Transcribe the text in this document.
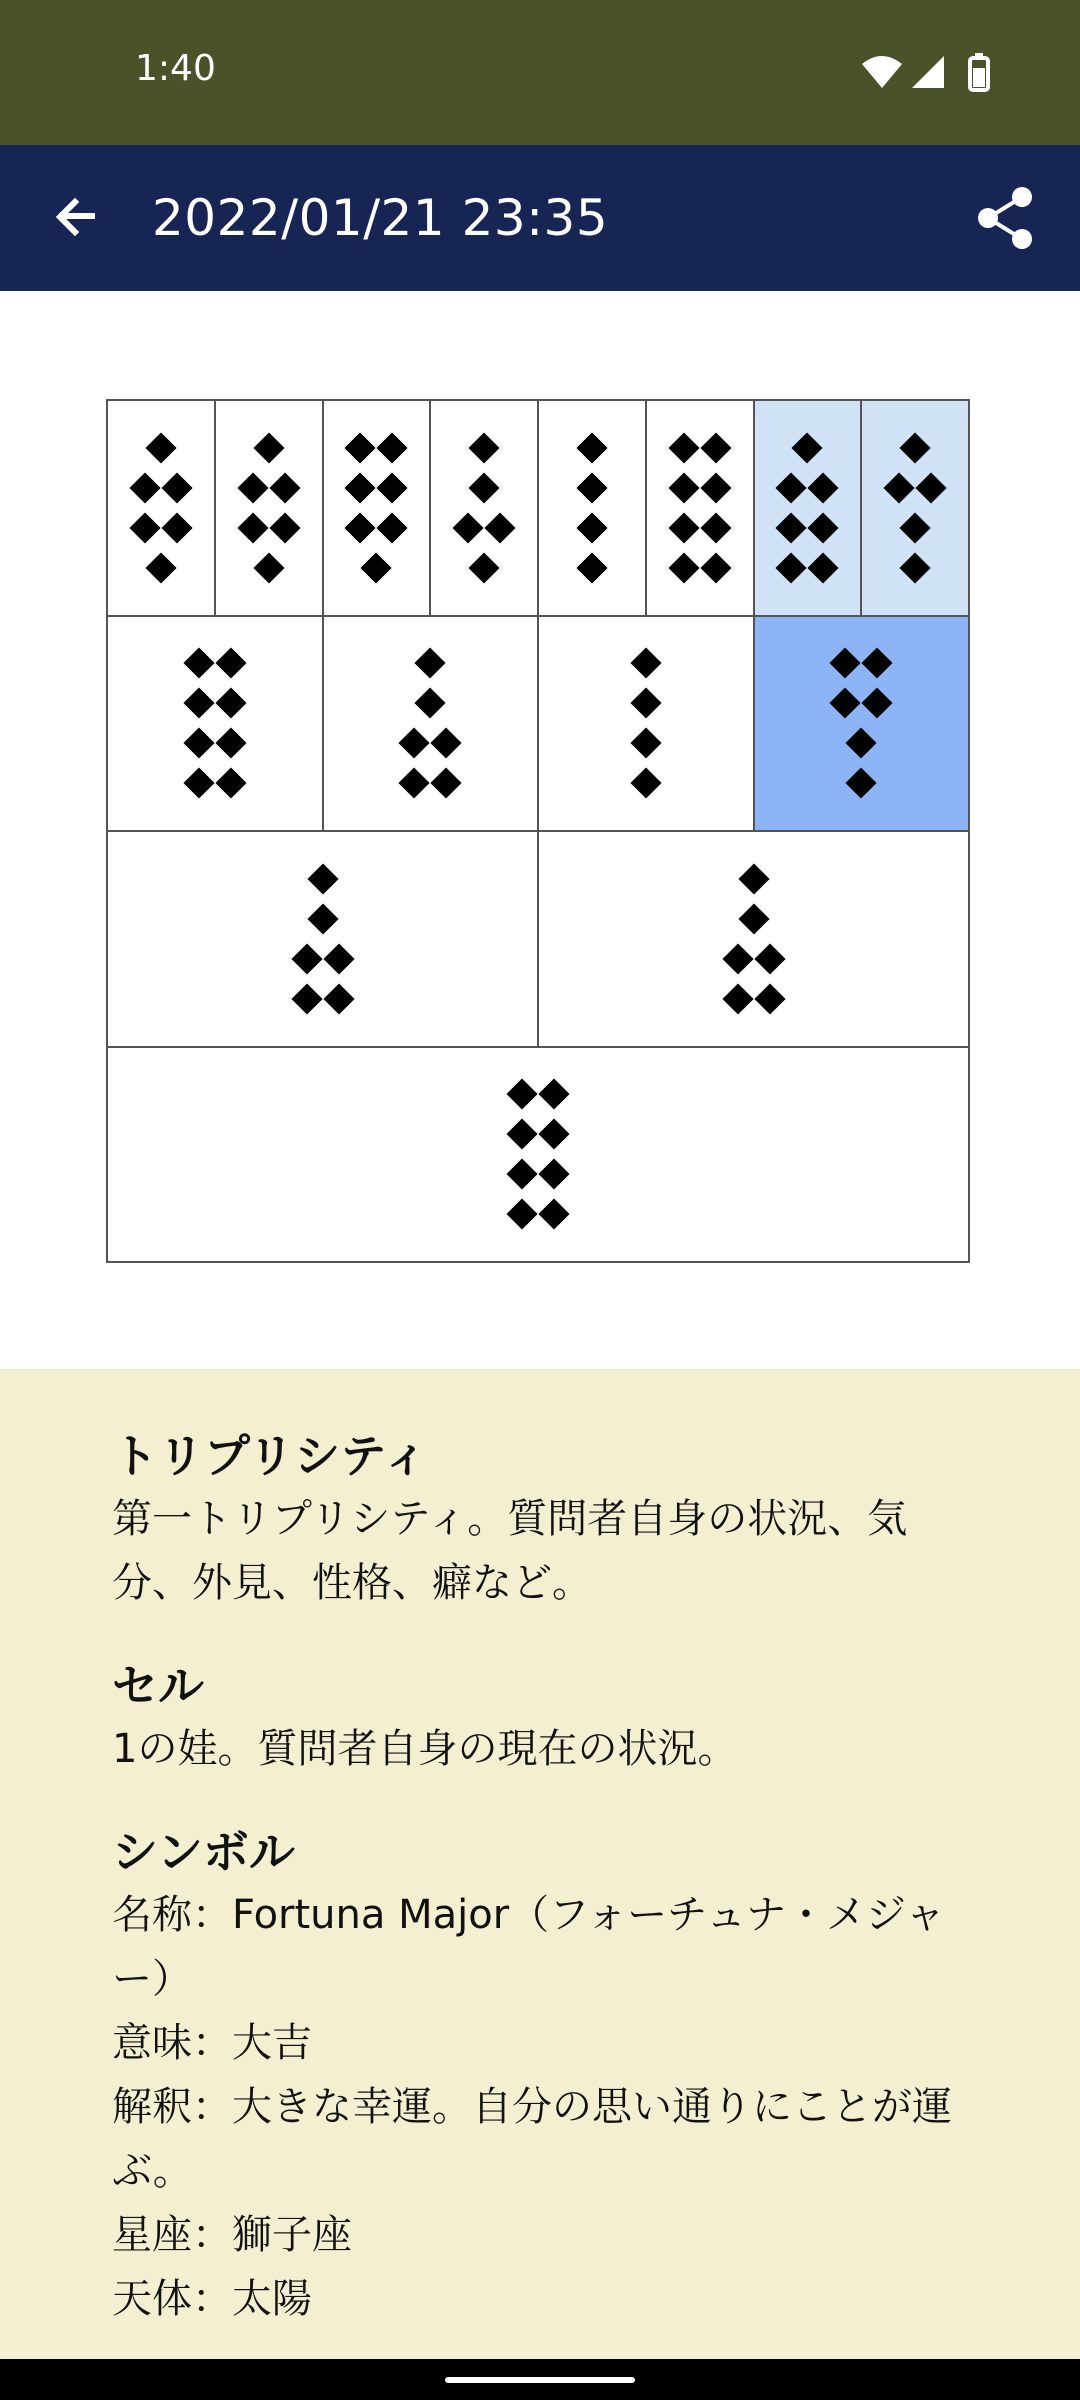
1:40
2022/01/21 23:35
トリプリシティ

第一トリプリシティ。質問者自身の状況、気分、外見、性格、癖など。

セル

1の娃。質問者自身の現在の状況。

シンボル

名称：Fortuna Major（フォーチュナ・メジャー）

意味：大吉

解釈：大きな幸運。自分の思い通りにことが運ぶ。

星座：獅子座

天体：太陽
